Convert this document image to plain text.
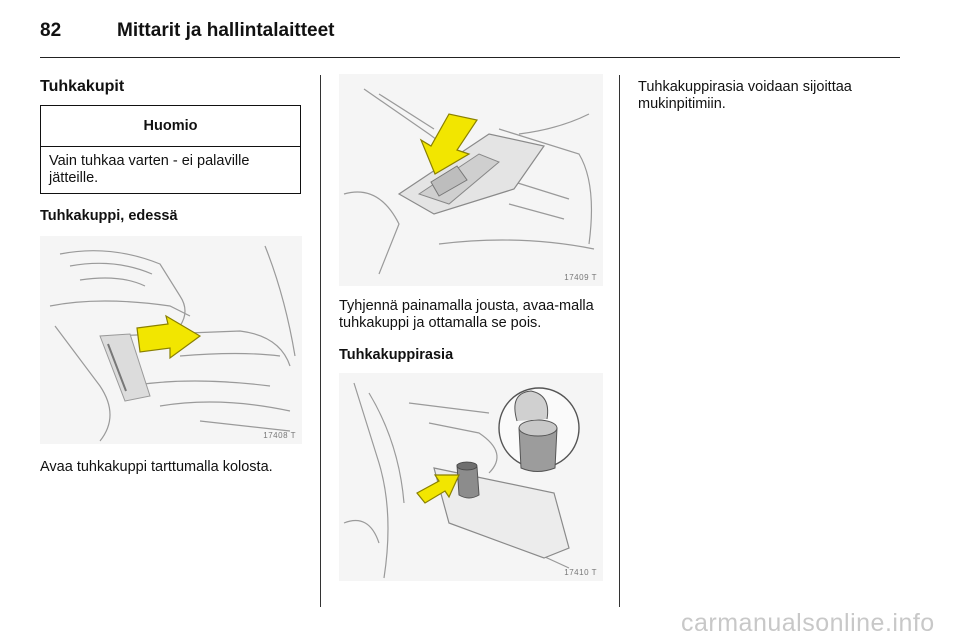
82	Mittarit ja hallintalaitteet
Tuhkakupit
Huomio
Vain tuhkaa varten - ei palaville jätteille.
Tuhkakuppi, edessä
17408 T
Avaa tuhkakuppi tarttumalla kolosta.
17409 T
Tyhjennä painamalla jousta, avaa-malla tuhkakuppi ja ottamalla se pois.
Tuhkakuppirasia
17410 T
Tuhkakuppirasia voidaan sijoittaa mukinpitimiin.
carmanualsonline.info
